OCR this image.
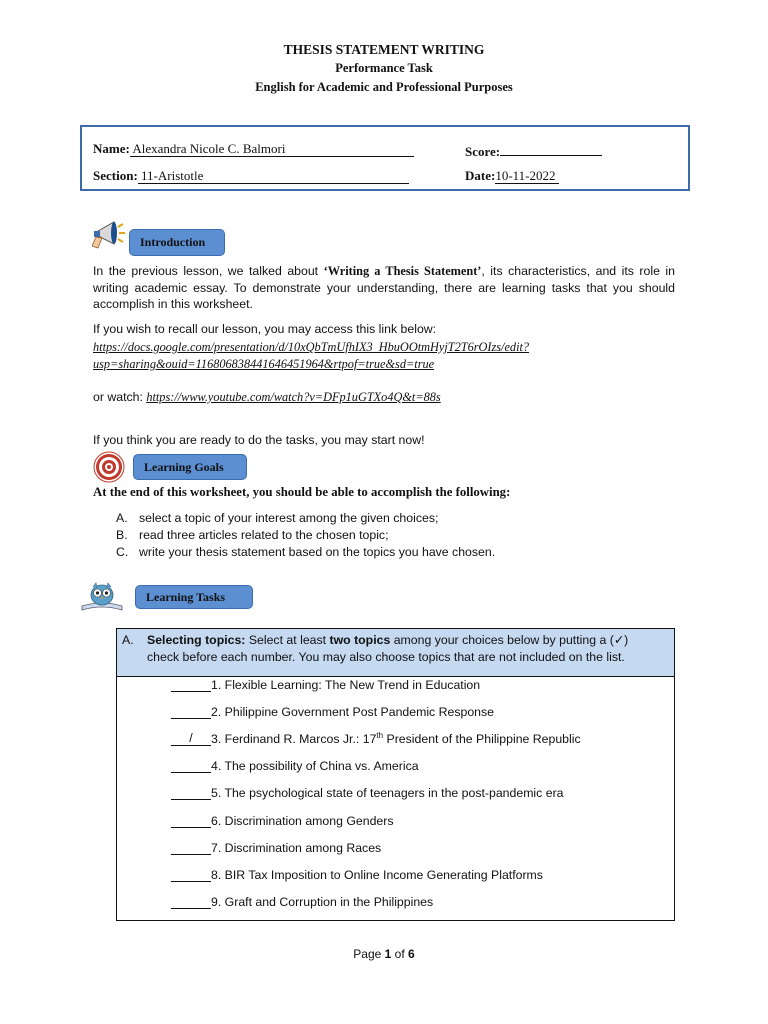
THESIS STATEMENT WRITING
Performance Task
English for Academic and Professional Purposes
Name: Alexandra Nicole C. Balmori	Score:
Section: 11-Aristotle	Date:10-11-2022
Introduction
In the previous lesson, we talked about ‘Writing a Thesis Statement’, its characteristics, and its role in writing academic essay. To demonstrate your understanding, there are learning tasks that you should accomplish in this worksheet.
If you wish to recall our lesson, you may access this link below:
https://docs.google.com/presentation/d/10xQbTmUfhIX3_HbuOOtmHyjT2T6rOIzs/edit?
usp=sharing&ouid=116806838441646451964&rtpof=true&sd=true
or watch: https://www.youtube.com/watch?v=DFp1uGTXo4Q&t=88s
If you think you are ready to do the tasks, you may start now!
Learning Goals
At the end of this worksheet, you should be able to accomplish the following:
A. select a topic of your interest among the given choices;
B. read three articles related to the chosen topic;
C. write your thesis statement based on the topics you have chosen.
Learning Tasks
A. Selecting topics: Select at least two topics among your choices below by putting a (✓)
check before each number. You may also choose topics that are not included on the list.
1. Flexible Learning: The New Trend in Education
2. Philippine Government Post Pandemic Response
/ 3. Ferdinand R. Marcos Jr.: 17th President of the Philippine Republic
4. The possibility of China vs. America
5. The psychological state of teenagers in the post-pandemic era
6. Discrimination among Genders
7. Discrimination among Races
8. BIR Tax Imposition to Online Income Generating Platforms
9. Graft and Corruption in the Philippines
Page 1 of 6
